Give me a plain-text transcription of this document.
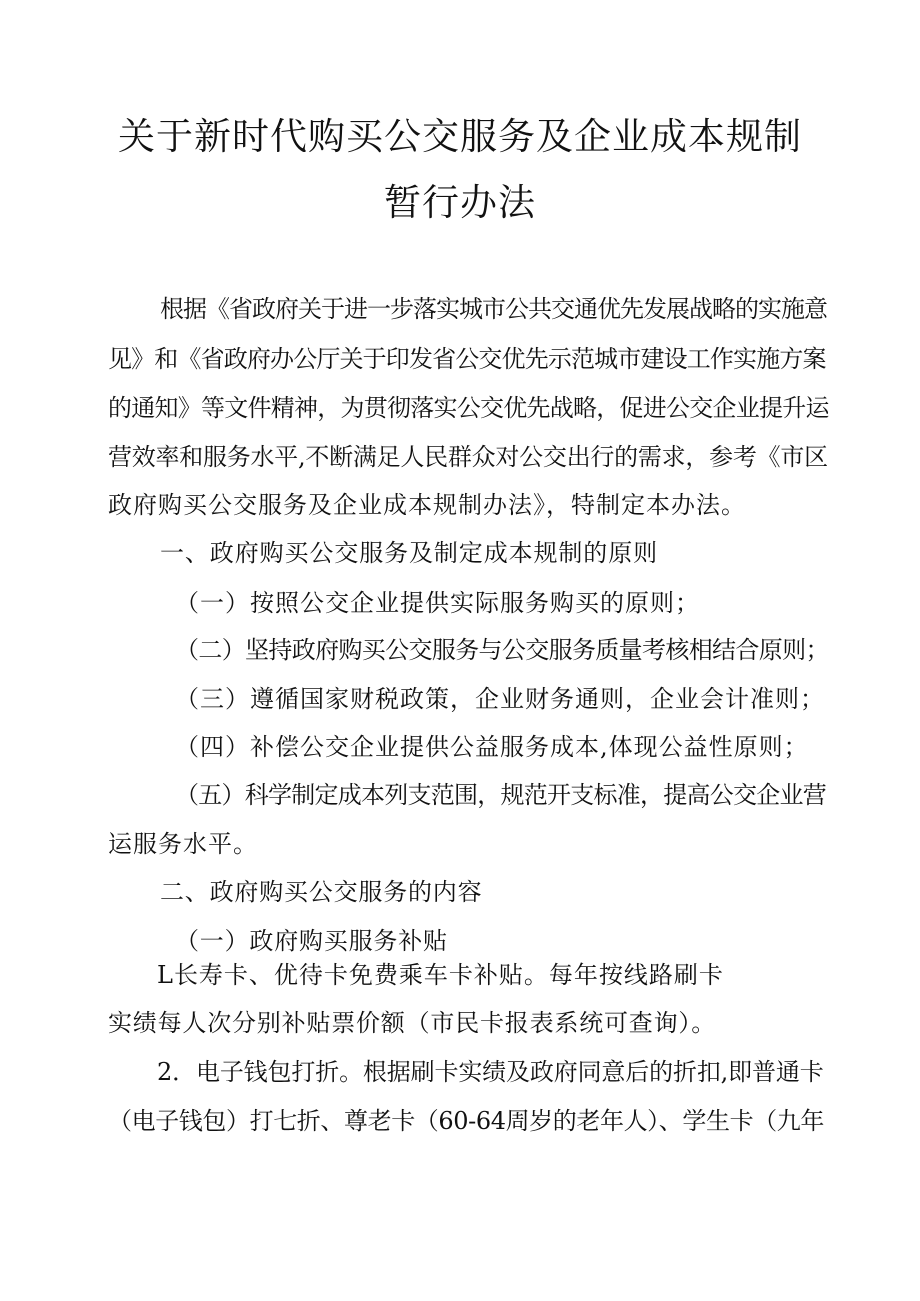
关于新时代购买公交服务及企业成本规制
暂行办法

根据《省政府关于进一步落实城市公共交通优先发展战略的实施意

见》和《省政府办公厅关于印发省公交优先示范城市建设工作实施方案

的通知》等文件精神，为贯彻落实公交优先战略，促进公交企业提升运

营效率和服务水平,不断满足人民群众对公交出行的需求，参考《市区

政府购买公交服务及企业成本规制办法》，特制定本办法。

一、政府购买公交服务及制定成本规制的原则

（一）按照公交企业提供实际服务购买的原则；

（二）坚持政府购买公交服务与公交服务质量考核相结合原则；

（三）遵循国家财税政策，企业财务通则，企业会计准则；

（四）补偿公交企业提供公益服务成本,体现公益性原则；

（五）科学制定成本列支范围，规范开支标准，提高公交企业营

运服务水平。

二、政府购买公交服务的内容

（一）政府购买服务补贴

L长寿卡、优待卡免费乘车卡补贴。每年按线路刷卡

实绩每人次分别补贴票价额（市民卡报表系统可查询）。

2．电子钱包打折。根据刷卡实绩及政府同意后的折扣,即普通卡

（电子钱包）打七折、尊老卡（60-64周岁的老年人）、学生卡（九年
